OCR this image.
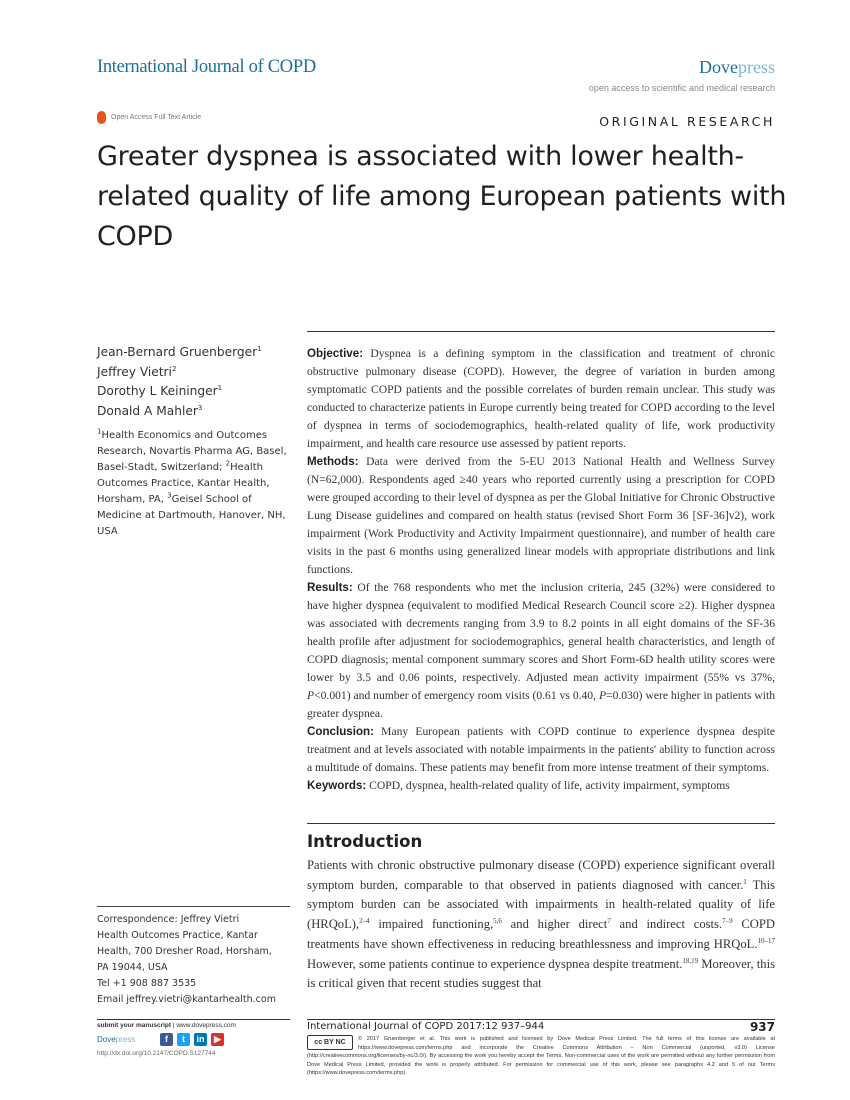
International Journal of COPD	Dovepress
open access to scientific and medical research
Open Access Full Text Article	ORIGINAL RESEARCH
Greater dyspnea is associated with lower health-related quality of life among European patients with COPD
Jean-Bernard Gruenberger$^1$
Jeffrey Vietri$^2$
Dorothy L Keininger$^1$
Donald A Mahler$^3$
$^1$Health Economics and Outcomes Research, Novartis Pharma AG, Basel, Basel-Stadt, Switzerland; $^2$Health Outcomes Practice, Kantar Health, Horsham, PA, $^3$Geisel School of Medicine at Dartmouth, Hanover, NH, USA
Correspondence: Jeffrey Vietri
Health Outcomes Practice, Kantar
Health, 700 Dresher Road, Horsham,
PA 19044, USA
Tel +1 908 887 3535
Email jeffrey.vietri@kantarhealth.com

Objective: Dyspnea is a defining symptom in the classification and treatment of chronic obstructive pulmonary disease (COPD). However, the degree of variation in burden among symptomatic COPD patients and the possible correlates of burden remain unclear. This study was conducted to characterize patients in Europe currently being treated for COPD according to the level of dyspnea in terms of sociodemographics, health-related quality of life, work productivity impairment, and health care resource use assessed by patient reports.

Methods: Data were derived from the 5-EU 2013 National Health and Wellness Survey (N=62,000). Respondents aged ≥40 years who reported currently using a prescription for COPD were grouped according to their level of dyspnea as per the Global Initiative for Chronic Obstructive Lung Disease guidelines and compared on health status (revised Short Form 36 [SF-36]v2), work impairment (Work Productivity and Activity Impairment questionnaire), and number of health care visits in the past 6 months using generalized linear models with appropriate distributions and link functions.

Results: Of the 768 respondents who met the inclusion criteria, 245 (32%) were considered to have higher dyspnea (equivalent to modified Medical Research Council score ≥2). Higher dyspnea was associated with decrements ranging from 3.9 to 8.2 points in all eight domains of the SF-36 health profile after adjustment for sociodemographics, general health characteristics, and length of COPD diagnosis; mental component summary scores and Short Form-6D health utility scores were lower by 3.5 and 0.06 points, respectively. Adjusted mean activity impairment (55% vs 37%, P<0.001) and number of emergency room visits (0.61 vs 0.40, P=0.030) were higher in patients with greater dyspnea.

Conclusion: Many European patients with COPD continue to experience dyspnea despite treatment and at levels associated with notable impairments in the patients' ability to function across a multitude of domains. These patients may benefit from more intense treatment of their symptoms.

Keywords: COPD, dyspnea, health-related quality of life, activity impairment, symptoms

Introduction
Patients with chronic obstructive pulmonary disease (COPD) experience significant overall symptom burden, comparable to that observed in patients diagnosed with cancer.$^1$ This symptom burden can be associated with impairments in health-related quality of life (HRQoL),$^{2-4}$ impaired functioning,$^{5,6}$ and higher direct$^7$ and indirect costs.$^{7-9}$ COPD treatments have shown effectiveness in reducing breathlessness and improving HRQoL.$^{10-17}$ However, some patients continue to experience dyspnea despite treatment.$^{18,19}$ Moreover, this is critical given that recent studies suggest that
submit your manuscript | www.dovepress.com
Dovepress	f	t	in	▶
http://dx.doi.org/10.2147/COPD.S127744
International Journal of COPD 2017:12 937–944	937
cc BY NC	© 2017 Gruenberger et al. This work is published and licensed by Dove Medical Press Limited. The full terms of this license are available at https://www.dovepress.com/terms.php and incorporate the Creative Commons Attribution – Non Commercial (unported, v3.0) License (http://creativecommons.org/licenses/by-nc/3.0/). By accessing the work you hereby accept the Terms. Non-commercial uses of the work are permitted without any further permission from Dove Medical Press Limited, provided the work is properly attributed. For permission for commercial use of this work, please see paragraphs 4.2 and 5 of our Terms (https://www.dovepress.com/terms.php).
